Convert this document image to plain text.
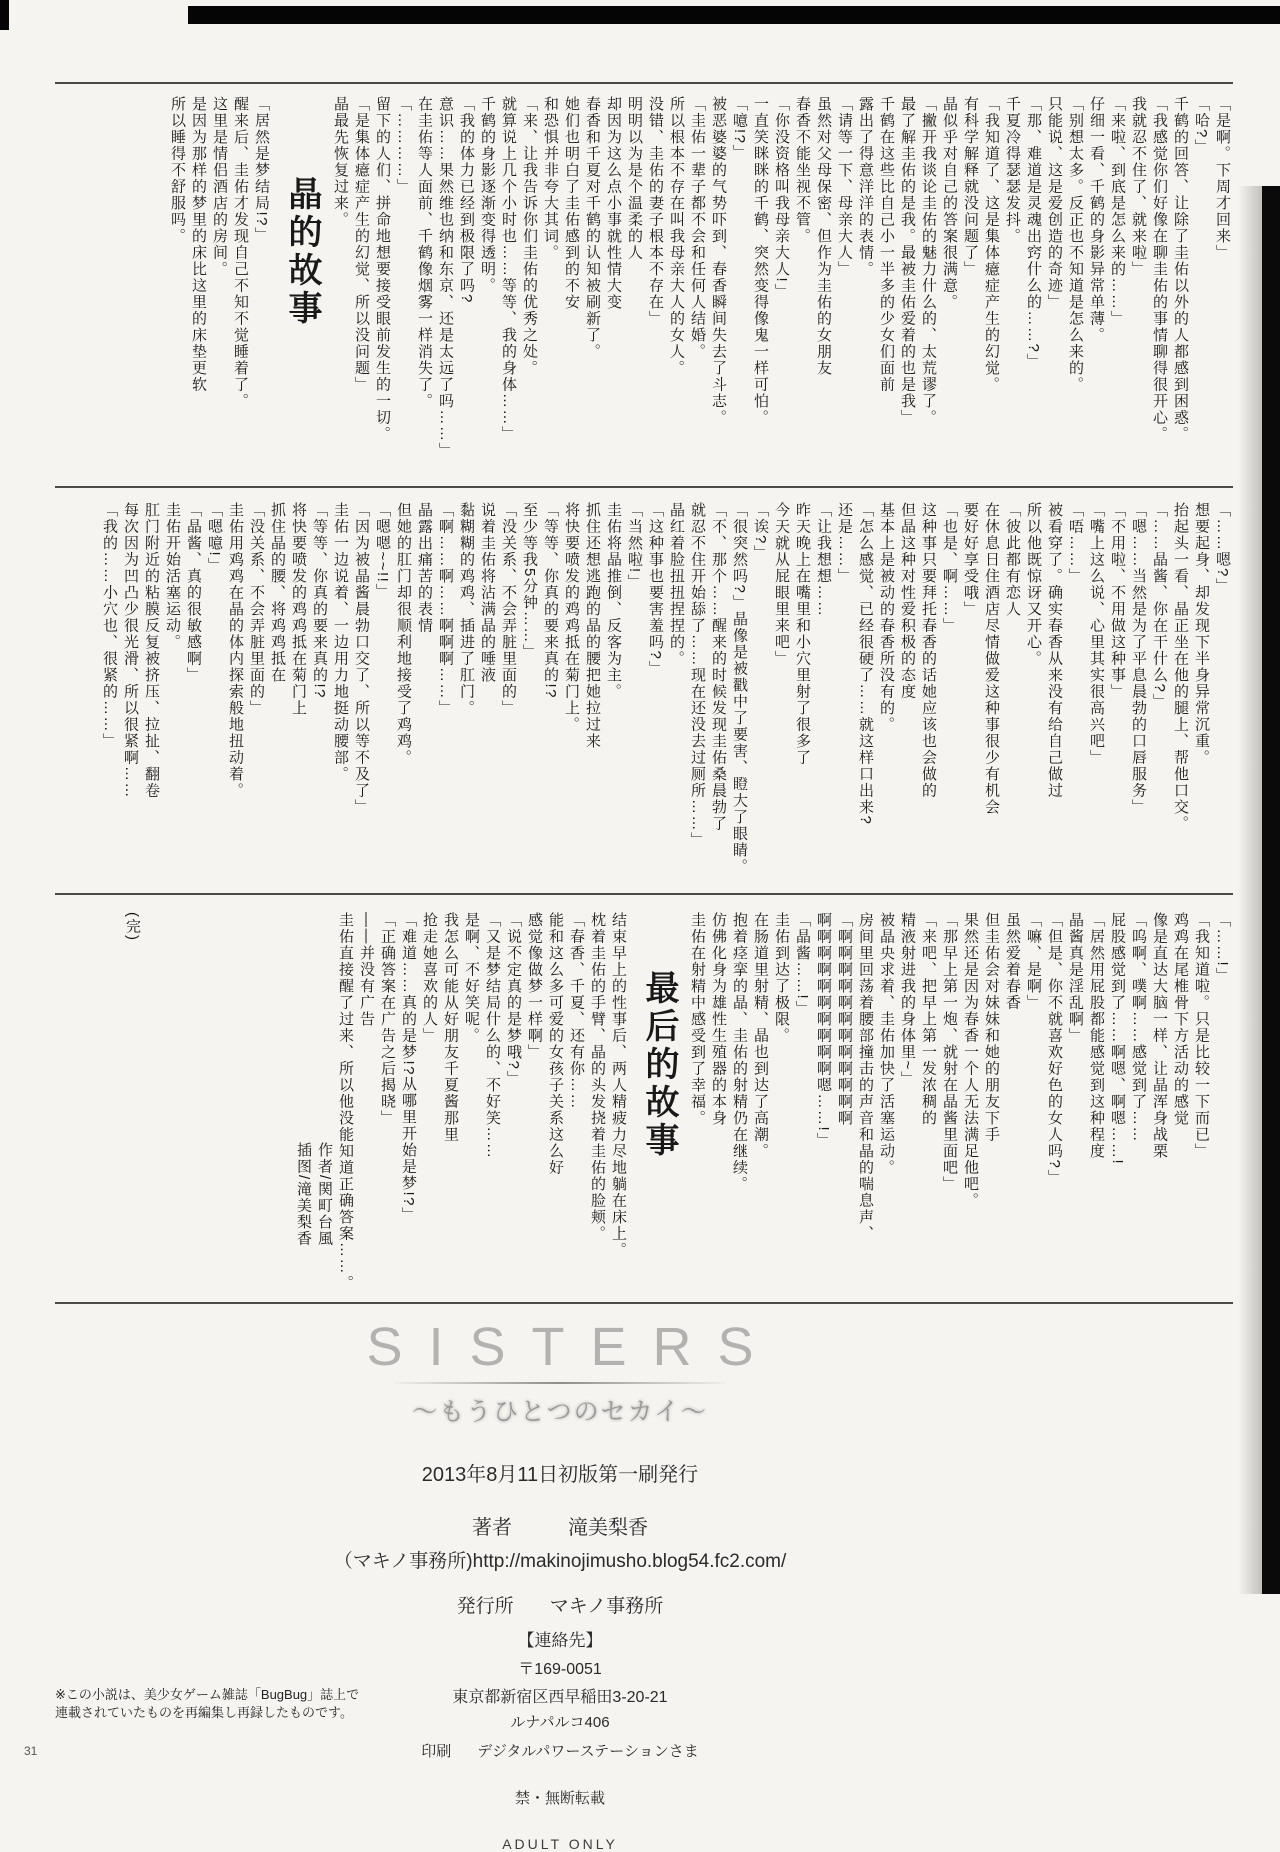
「是啊。下周才回来」

「哈?」

千鹤的回答、让除了圭佑以外的人都感到困惑。

「我感觉你们好像在聊圭佑的事情聊得很开心。

我就忍不住了、就来啦」

「来啦、到底是怎么来的……」

仔细一看、千鹤的身影异常单薄。

「别想太多。反正也不知道是怎么来的。

只能说、这是爱创造的奇迹」

「那、难道是灵魂出窍什么的……?」

千夏冷得瑟瑟发抖。

「我知道了、这是集体癔症产生的幻觉。

有科学解释就没问题了」

晶似乎对自己的答案很满意。

「撇开我谈论圭佑的魅力什么的、太荒谬了。

最了解圭佑的是我。最被圭佑爱着的也是我」

千鹤在这些比自己小一半多的少女们面前

露出了得意洋洋的表情。

「请等一下、母亲大人」

虽然对父母保密、但作为圭佑的女朋友

春香不能坐视不管。

「你没资格叫我母亲大人!」

一直笑眯眯的千鹤、突然变得像鬼一样可怕。

「噫!?」

被恶婆婆的气势吓到、春香瞬间失去了斗志。

「圭佑一辈子都不会和任何人结婚。

所以根本不存在叫我母亲大人的女人。

没错、圭佑的妻子根本不存在」

明明以为是个温柔的人

却因为这么点小事就性情大变

春香和千夏对千鹤的认知被刷新了。

她们也明白了圭佑感到的不安

和恐惧并非夸大其词。

「来、让我告诉你们圭佑的优秀之处。

就算说上几个小时也……等等、我的身体……」

千鹤的身影逐渐变得透明。

「我的体力已经到极限了吗?

意识……果然维也纳和东京、还是太远了吗……」

在圭佑等人面前、千鹤像烟雾一样消失了。

「…………」

留下的人们、拼命地想要接受眼前发生的一切。

「是集体癔症产生的幻觉、所以没问题」

晶最先恢复过来。

晶的故事

「居然是梦结局!?」

醒来后、圭佑才发现自己不知不觉睡着了。

这里是情侣酒店的房间。

是因为那样的梦里的床比这里的床垫更软

所以睡得不舒服吗。

「……嗯?」

想要起身、却发现下半身异常沉重。

抬起头一看、晶正坐在他的腿上、帮他口交。

「……晶酱、你在干什么?」

「嗯……当然是为了平息晨勃的口唇服务」

「不用啦、不用做这种事」

「嘴上这么说、心里其实很高兴吧」

「唔……」

被看穿了。确实春香从来没有给自己做过

所以他既惊讶又开心。

「彼此都有恋人

在休息日住酒店尽情做爱这种事很少有机会

要好好享受哦」

「也是、啊……」

这种事只要拜托春香的话她应该也会做的

但晶这种对性爱积极的态度

基本上是被动的春香所没有的。

「怎么感觉、已经很硬了……就这样口出来?

还是……」

「让我想想……

昨天晚上在嘴里和小穴里射了很多了

今天就从屁眼里来吧」

「诶?」

「很突然吗?」晶像是被戳中了要害、瞪大了眼睛。

「不、那个……醒来的时候发现圭佑桑晨勃了

就忍不住开始舔了……现在还没去过厕所……」

晶红着脸扭扭捏捏的。

「这种事也要害羞吗?」

「当然啦!」

圭佑将晶推倒、反客为主。

抓住还想逃跑的晶的腰把她拉过来

将快要喷发的鸡鸡抵在菊门上。

「等等、你真的要来真的!?

至少等我5分钟……」

「没关系、不会弄脏里面的」

说着圭佑将沾满晶的唾液

黏糊糊的鸡鸡、插进了肛门。

「啊……啊……啊啊啊……」

晶露出痛苦的表情

但她的肛门却很顺利地接受了鸡鸡。

「嗯嗯~~!!」

「因为被晶酱晨勃口交了、所以等不及了」

圭佑一边说着、一边用力地挺动腰部。

「等等、你真的要来真的!?

将快要喷发的鸡鸡抵在菊门上

抓住晶的腰、将鸡鸡抵在

「没关系、不会弄脏里面的」

圭佑用鸡鸡在晶的体内探索般地扭动着。

「嗯噫!」

「晶酱、真的很敏感啊」

圭佑开始活塞运动。

肛门附近的粘膜反复被挤压、拉扯、翻卷

每次因为凹凸少很光滑、所以很紧啊……

「我的……小穴也、很紧的……」

「……!」

「我知道啦。只是比较一下而已」

鸡鸡在尾椎骨下方活动的感觉

像是直达大脑一样、让晶浑身战栗

「呜啊、噗啊……感觉到了……

屁股感觉到了……啊嗯、啊嗯……!

「居然用屁股都能感觉到这种程度

晶酱真是淫乱啊」

「但是、你不就喜欢好色的女人吗?」

「嘛、是啊」

虽然爱着春香

但圭佑会对妹妹和她的朋友下手

果然还是因为春香一个人无法满足他吧。

「那早上第一炮、就射在晶酱里面吧」

「来吧、把早上第一发浓稠的

精液射进我的身体里~」

被晶央求着、圭佑加快了活塞运动。

房间里回荡着腰部撞击的声音和晶的喘息声、

「啊啊啊啊啊啊啊啊啊啊啊啊

啊啊啊啊啊啊啊啊啊啊嗯……!」

「晶酱……!」

圭佑到达了极限。

在肠道里射精、晶也到达了高潮。

抱着痉挛的晶、圭佑的射精仍在继续。

仿佛化身为雄性生殖器的本身

圭佑在射精中感受到了幸福。

最后的故事

结束早上的性事后、两人精疲力尽地躺在床上。

枕着圭佑的手臂、晶的头发挠着圭佑的脸颊。

「春香、千夏、还有你……

能和这么多可爱的女孩子关系这么好

感觉像做梦一样啊」

「说不定真的是梦哦?」

「又是梦结局什么的、不好笑……

是啊、不好笑呢。

我怎么可能从好朋友千夏酱那里

抢走她喜欢的人」

「难道……真的是梦!?从哪里开始是梦!?」

「正确答案在广告之后揭晓」

——并没有广告

圭佑直接醒了过来、所以他没能知道正确答案……。

作者/関町台風

插图/滝美梨香

(完)

SISTERS
〜もうひとつのセカイ〜
2013年8月11日初版第一刷発行
著者	滝美梨香
（マキノ事務所)http://makinojimusho.blog54.fc2.com/
発行所 マキノ事務所
【連絡先】
〒169-0051
東京都新宿区西早稲田3-20-21
ルナパルコ406
印刷 デジタルパワーステーションさま
禁・無断転載
ADULT ONLY
※この小説は、美少女ゲーム雑誌「BugBug」誌上で
連載されていたものを再編集し再録したものです。
31
